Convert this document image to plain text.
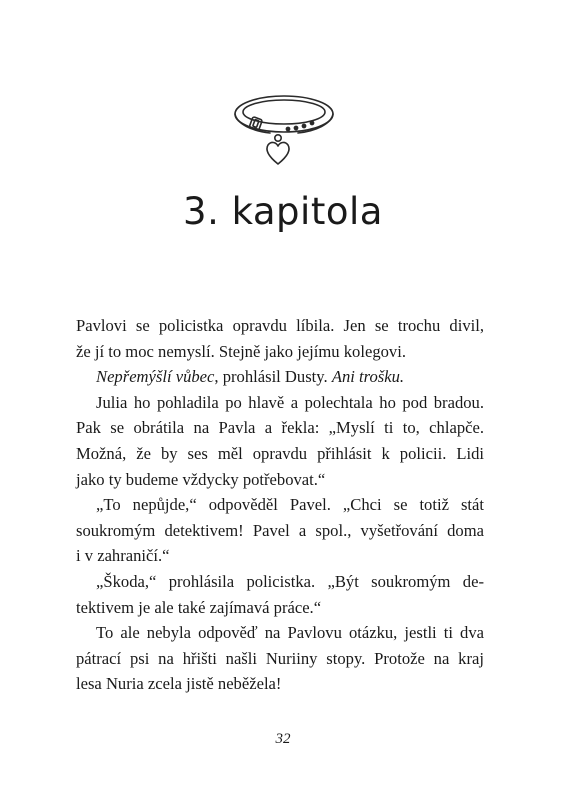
3. kapitola

Pavlovi se policistka opravdu líbila. Jen se trochu divil,
že jí to moc nemyslí. Stejně jako jejímu kolegovi.

Nepřemýšlí vůbec, prohlásil Dusty. Ani trošku.

Julia ho pohladila po hlavě a polechtala ho pod bradou.
Pak se obrátila na Pavla a řekla: „Myslí ti to, chlapče.
Možná, že by ses měl opravdu přihlásit k policii. Lidi
jako ty budeme vždycky potřebovat.“

„To nepůjde,“ odpověděl Pavel. „Chci se totiž stát
soukromým detektivem! Pavel a spol., vyšetřování doma
i v zahraničí.“

„Škoda,“ prohlásila policistka. „Být soukromým de-
tektivem je ale také zajímavá práce.“

To ale nebyla odpověď na Pavlovu otázku, jestli ti dva
pátrací psi na hřišti našli Nuriiny stopy. Protože na kraj
lesa Nuria zcela jistě neběžela!

32
